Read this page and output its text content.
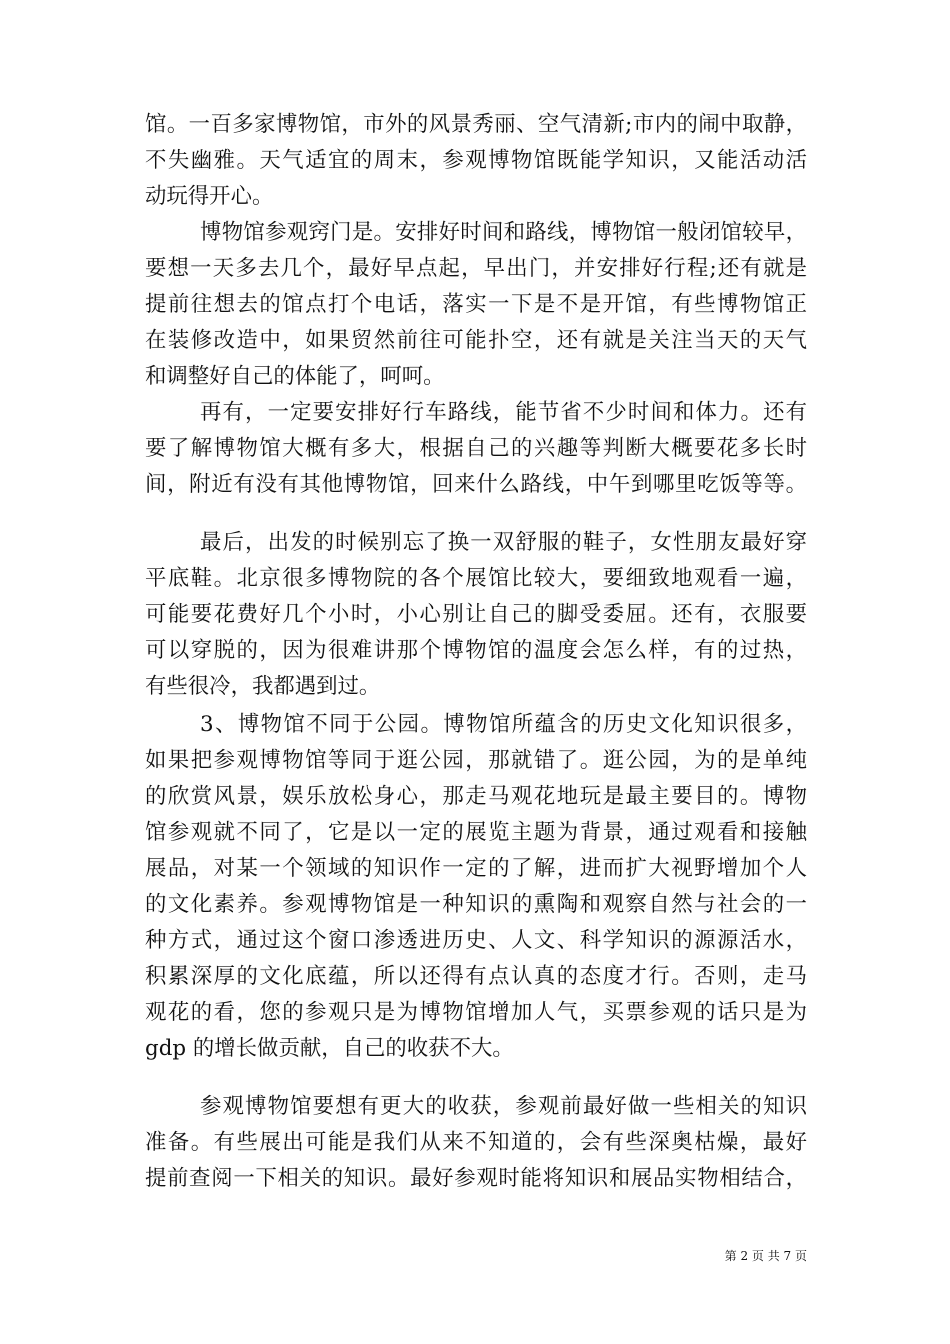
馆。一百多家博物馆，市外的风景秀丽、空气清新;市内的闹中取静，
不失幽雅。天气适宜的周末，参观博物馆既能学知识，又能活动活
动玩得开心。
博物馆参观窍门是。安排好时间和路线，博物馆一般闭馆较早，
要想一天多去几个，最好早点起，早出门，并安排好行程;还有就是
提前往想去的馆点打个电话，落实一下是不是开馆，有些博物馆正
在装修改造中，如果贸然前往可能扑空，还有就是关注当天的天气
和调整好自己的体能了，呵呵。
再有，一定要安排好行车路线，能节省不少时间和体力。还有
要了解博物馆大概有多大，根据自己的兴趣等判断大概要花多长时
间，附近有没有其他博物馆，回来什么路线，中午到哪里吃饭等等。
最后，出发的时候别忘了换一双舒服的鞋子，女性朋友最好穿
平底鞋。北京很多博物院的各个展馆比较大，要细致地观看一遍，
可能要花费好几个小时，小心别让自己的脚受委屈。还有，衣服要
可以穿脱的，因为很难讲那个博物馆的温度会怎么样，有的过热，
有些很冷，我都遇到过。
3、博物馆不同于公园。博物馆所蕴含的历史文化知识很多，
如果把参观博物馆等同于逛公园，那就错了。逛公园，为的是单纯
的欣赏风景，娱乐放松身心，那走马观花地玩是最主要目的。博物
馆参观就不同了，它是以一定的展览主题为背景，通过观看和接触
展品，对某一个领域的知识作一定的了解，进而扩大视野增加个人
的文化素养。参观博物馆是一种知识的熏陶和观察自然与社会的一
种方式，通过这个窗口渗透进历史、人文、科学知识的源源活水，
积累深厚的文化底蕴，所以还得有点认真的态度才行。否则，走马
观花的看，您的参观只是为博物馆增加人气，买票参观的话只是为
gdp 的增长做贡献，自己的收获不大。
参观博物馆要想有更大的收获，参观前最好做一些相关的知识
准备。有些展出可能是我们从来不知道的，会有些深奥枯燥，最好
提前查阅一下相关的知识。最好参观时能将知识和展品实物相结合，
第 2 页 共 7 页
